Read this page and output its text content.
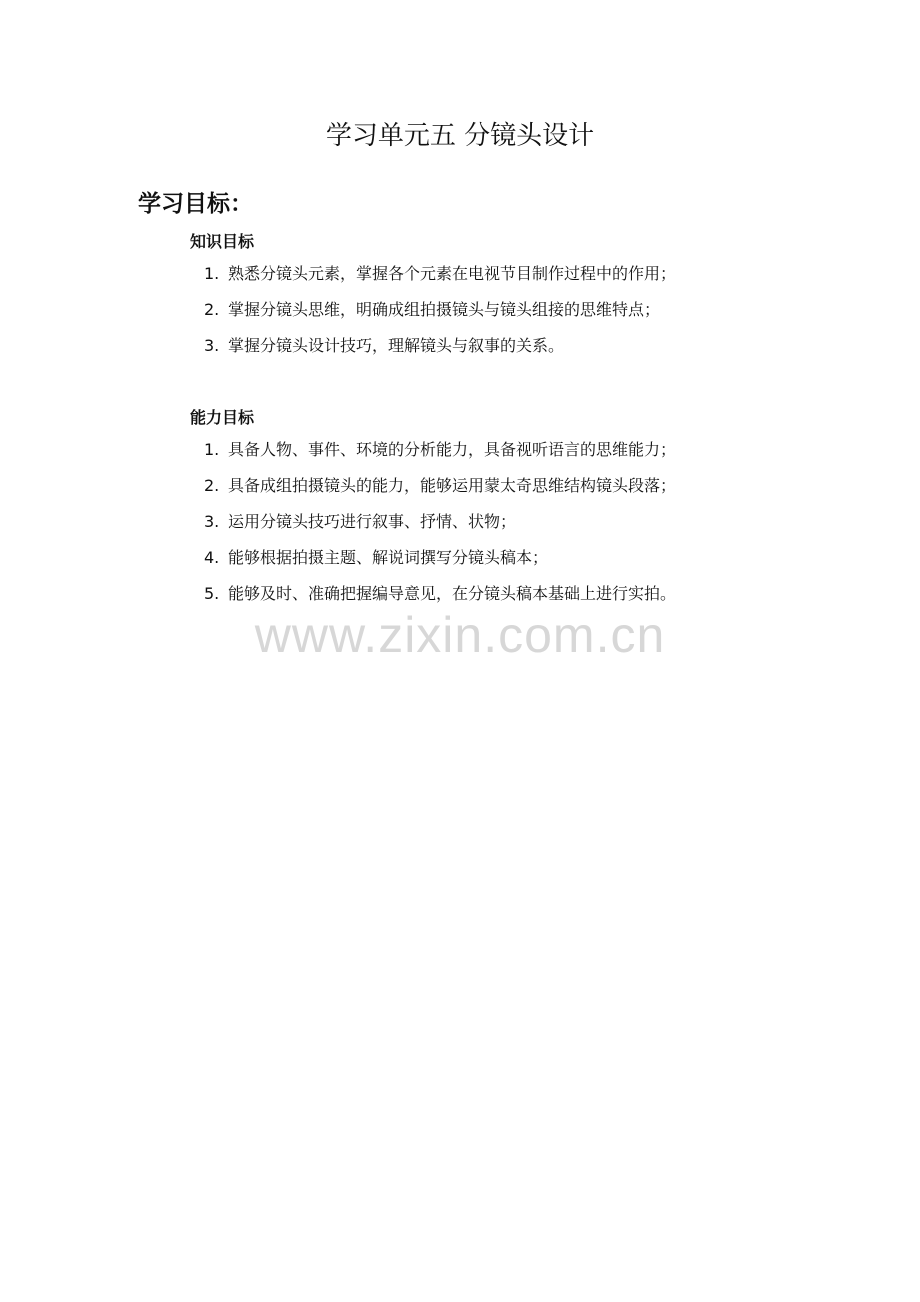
学习单元五 分镜头设计
学习目标：
知识目标
1. 熟悉分镜头元素，掌握各个元素在电视节目制作过程中的作用；
2. 掌握分镜头思维，明确成组拍摄镜头与镜头组接的思维特点；
3. 掌握分镜头设计技巧，理解镜头与叙事的关系。
能力目标
1. 具备人物、事件、环境的分析能力，具备视听语言的思维能力；
2. 具备成组拍摄镜头的能力，能够运用蒙太奇思维结构镜头段落；
3. 运用分镜头技巧进行叙事、抒情、状物；
4. 能够根据拍摄主题、解说词撰写分镜头稿本；
5. 能够及时、准确把握编导意见，在分镜头稿本基础上进行实拍。
www.zixin.com.cn
